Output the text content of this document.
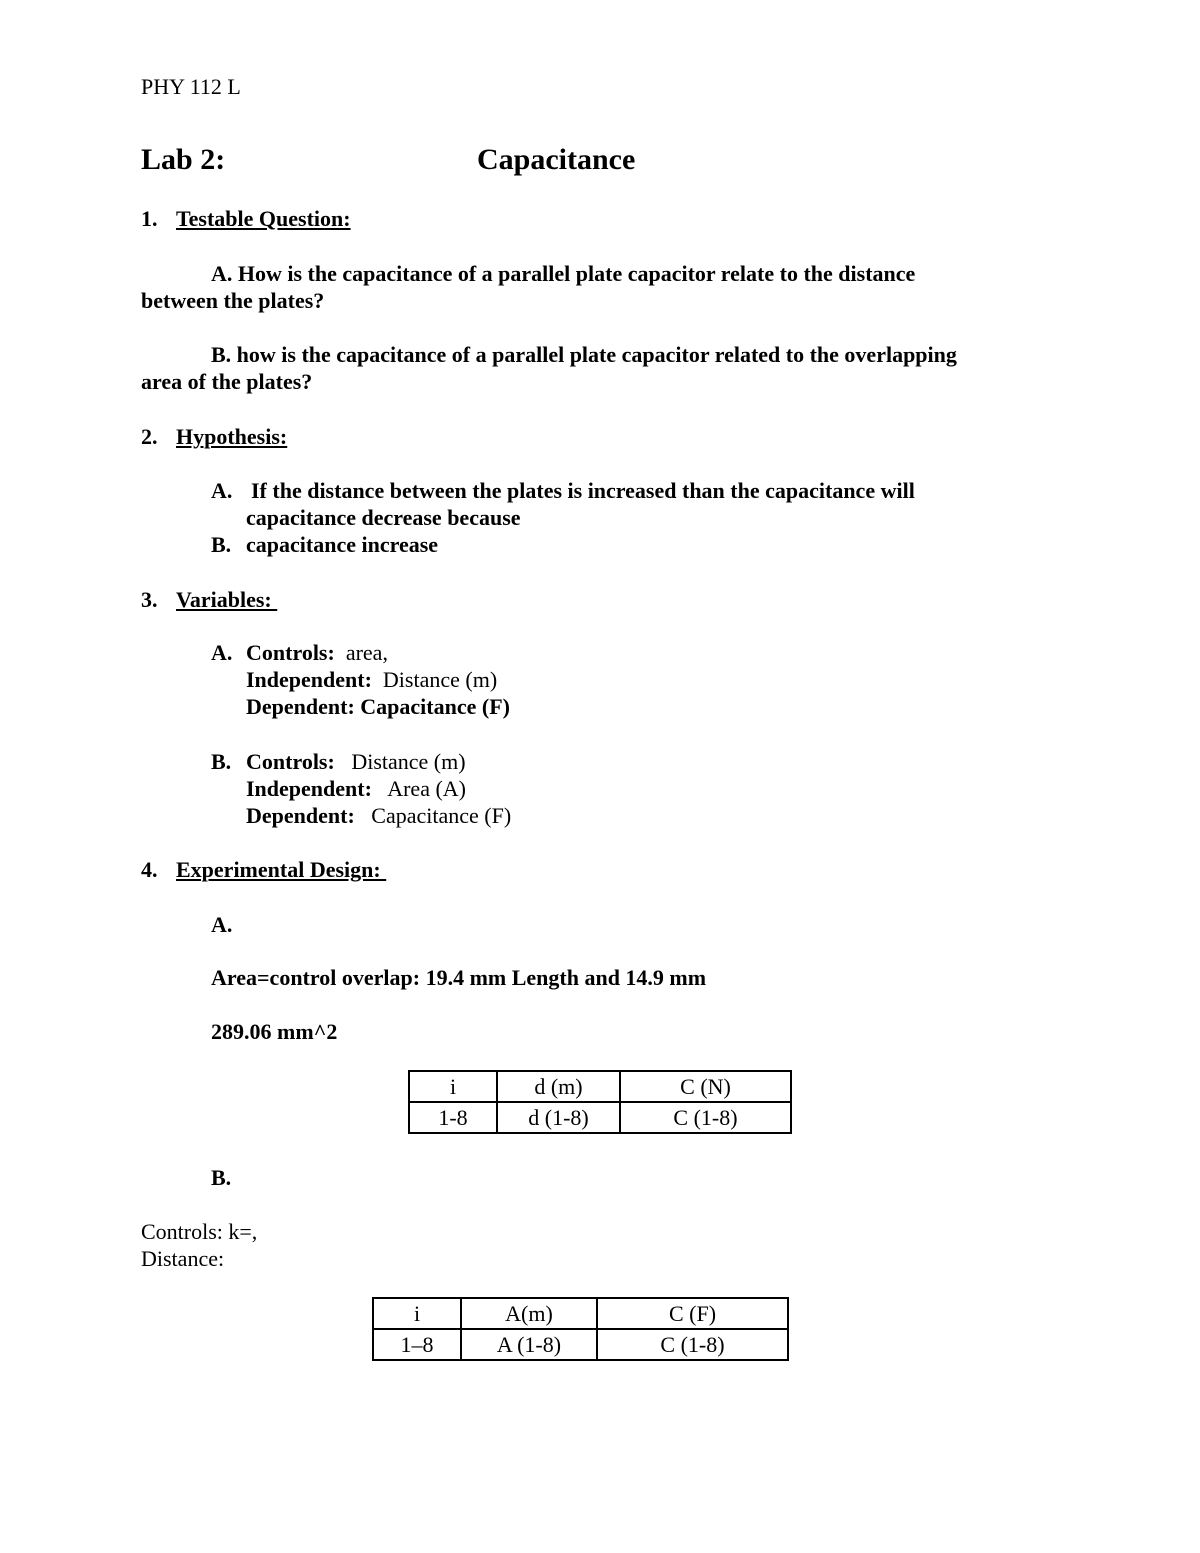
PHY 112 L
Lab 2:	Capacitance
1. Testable Question:
A. How is the capacitance of a parallel plate capacitor relate to the distance
between the plates?
B. how is the capacitance of a parallel plate capacitor related to the overlapping
area of the plates?
2. Hypothesis:
A. If the distance between the plates is increased than the capacitance will
capacitance decrease because
B. capacitance increase
3. Variables:
A. Controls: area,
Independent: Distance (m)
Dependent: Capacitance (F)
B. Controls: Distance (m)
Independent: Area (A)
Dependent: Capacitance (F)
4. Experimental Design:
A.
Area=control overlap: 19.4 mm Length and 14.9 mm
289.06 mm^2
i	d (m)	C (N)
1-8	d (1-8)	C (1-8)
B.
Controls: k=,
Distance:
i	A(m)	C (F)
1–8	A (1-8)	C (1-8)
